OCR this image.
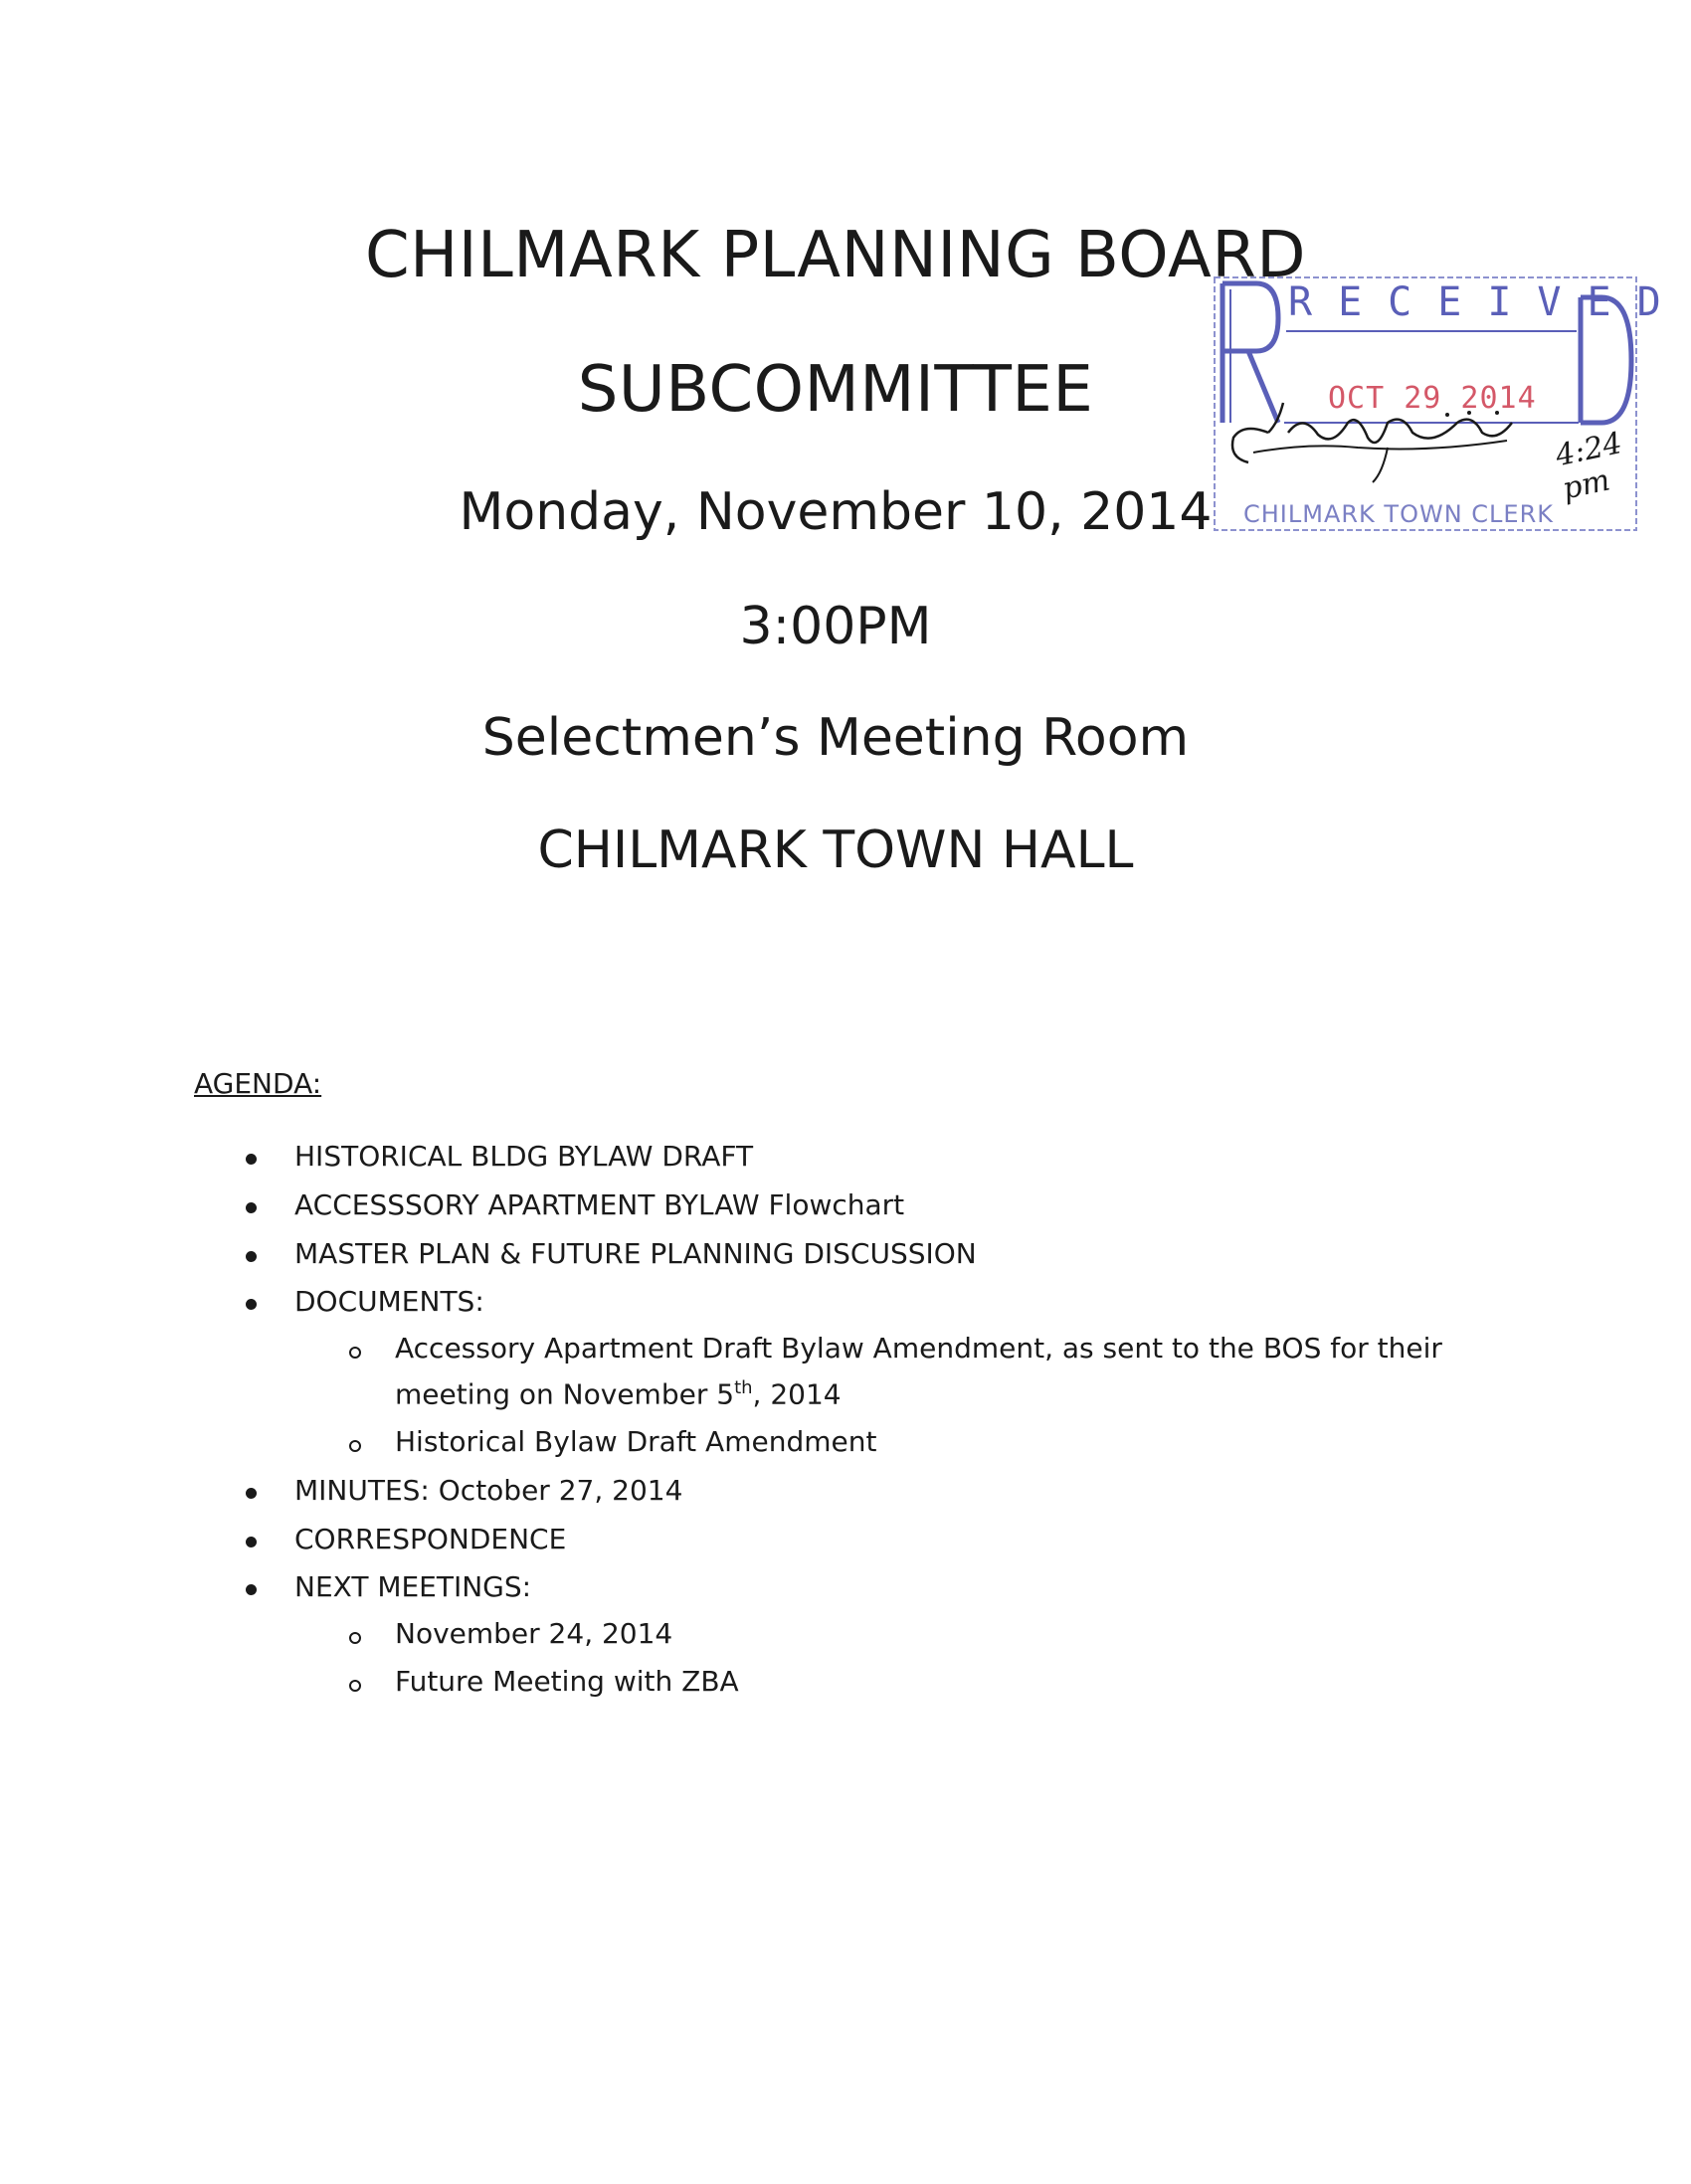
CHILMARK PLANNING BOARD
SUBCOMMITTEE
Monday, November 10, 2014
3:00PM
Selectmen’s Meeting Room
CHILMARK TOWN HALL
RECEIVED
OCT 29 2014
CHILMARK TOWN CLERK
4:24 pm
AGENDA:
HISTORICAL BLDG BYLAW DRAFT
ACCESSSORY APARTMENT BYLAW Flowchart
MASTER PLAN & FUTURE PLANNING DISCUSSION
DOCUMENTS:
Accessory Apartment Draft Bylaw Amendment, as sent to the BOS for their
meeting on November 5th, 2014
Historical Bylaw Draft Amendment
MINUTES: October 27, 2014
CORRESPONDENCE
NEXT MEETINGS:
November 24, 2014
Future Meeting with ZBA
